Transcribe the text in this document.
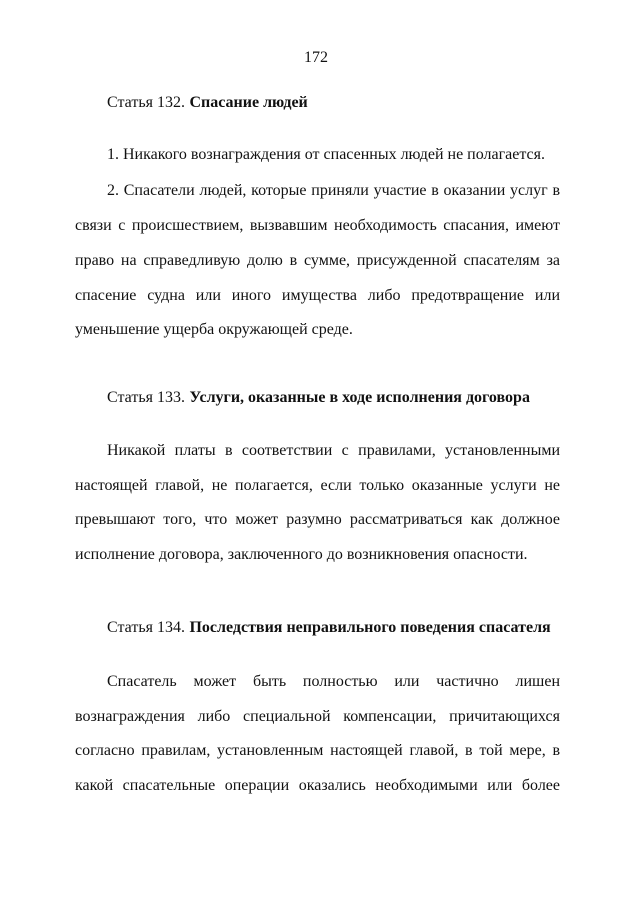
172
Статья 132. Спасание людей
1. Никакого вознаграждения от спасенных людей не полагается.
2. Спасатели людей, которые приняли участие в оказании услуг в
связи с происшествием, вызвавшим необходимость спасания, имеют
право на справедливую долю в сумме, присужденной спасателям за
спасение судна или иного имущества либо предотвращение или
уменьшение ущерба окружающей среде.
Статья 133. Услуги, оказанные в ходе исполнения договора
Никакой платы в соответствии с правилами, установленными
настоящей главой, не полагается, если только оказанные услуги не
превышают того, что может разумно рассматриваться как должное
исполнение договора, заключенного до возникновения опасности.
Статья 134. Последствия неправильного поведения спасателя
Спасатель может быть полностью или частично лишен
вознаграждения либо специальной компенсации, причитающихся
согласно правилам, установленным настоящей главой, в той мере, в
какой спасательные операции оказались необходимыми или более
